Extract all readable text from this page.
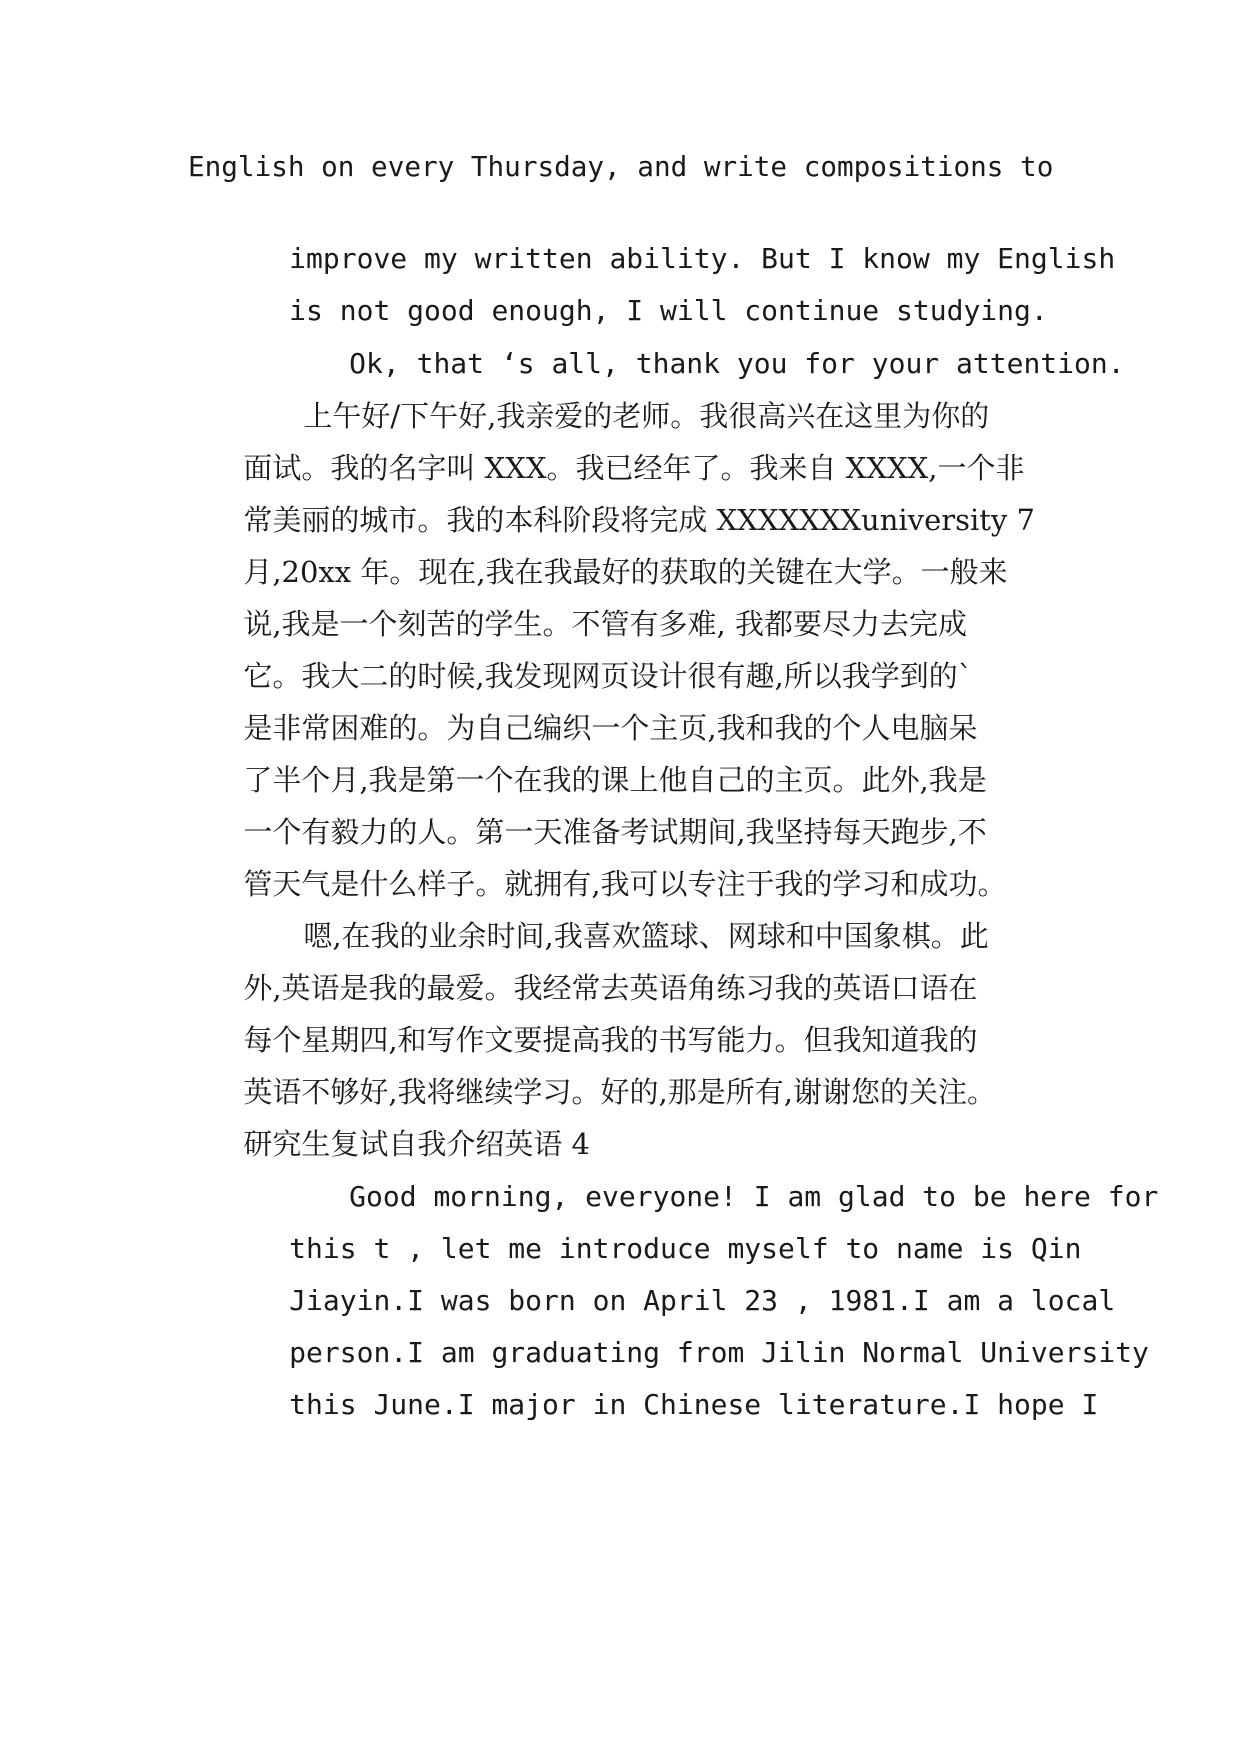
English on every Thursday, and write compositions to

improve my written ability. But I know my English

is not good enough, I will continue studying.

Ok, that ‘s all, thank you for your attention.

上午好/下午好,我亲爱的老师。我很高兴在这里为你的

面试。我的名字叫 XXX。我已经年了。我来自 XXXX,一个非

常美丽的城市。我的本科阶段将完成 XXXXXXXuniversity 7

月,20xx 年。现在,我在我最好的获取的关键在大学。一般来

说,我是一个刻苦的学生。不管有多难, 我都要尽力去完成

它。我大二的时候,我发现网页设计很有趣,所以我学到的`

是非常困难的。为自己编织一个主页,我和我的个人电脑呆

了半个月,我是第一个在我的课上他自己的主页。此外,我是

一个有毅力的人。第一天准备考试期间,我坚持每天跑步,不

管天气是什么样子。就拥有,我可以专注于我的学习和成功。

嗯,在我的业余时间,我喜欢篮球、网球和中国象棋。此

外,英语是我的最爱。我经常去英语角练习我的英语口语在

每个星期四,和写作文要提高我的书写能力。但我知道我的

英语不够好,我将继续学习。好的,那是所有,谢谢您的关注。

研究生复试自我介绍英语 4

Good morning, everyone! I am glad to be here for

this t , let me introduce myself to name is Qin

Jiayin.I was born on April 23 , 1981.I am a local

person.I am graduating from Jilin Normal University

this June.I major in Chinese literature.I hope I
